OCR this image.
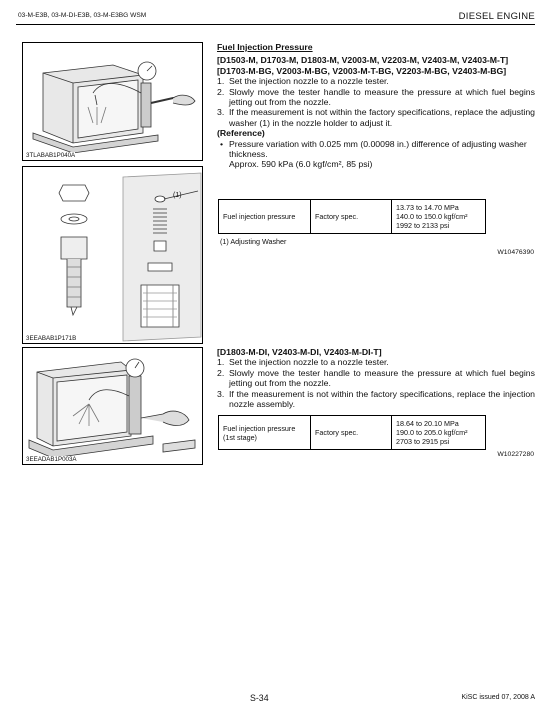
03-M-E3B, 03-M-DI-E3B, 03-M-E3BG WSM	DIESEL ENGINE
3TLABAB1P040A
(1)
3EEABAB1P171B
3EEADAB1P003A
Fuel Injection Pressure
[D1503-M, D1703-M, D1803-M, V2003-M, V2203-M, V2403-M, V2403-M-T]
[D1703-M-BG, V2003-M-BG, V2003-M-T-BG, V2203-M-BG, V2403-M-BG]
1. Set the injection nozzle to a nozzle tester.
2. Slowly move the tester handle to measure the pressure at which fuel begins jetting out from the nozzle.
3. If the measurement is not within the factory specifications, replace the adjusting washer (1) in the nozzle holder to adjust it.
(Reference)
• Pressure variation with 0.025 mm (0.00098 in.) difference of adjusting washer thickness.
Approx. 590 kPa (6.0 kgf/cm², 85 psi)
Fuel injection pressure	Factory spec.	
13.73 to 14.70 MPa
140.0 to 150.0 kgf/cm²
1992 to 2133 psi
(1) Adjusting Washer
W10476390
[D1803-M-DI, V2403-M-DI, V2403-M-DI-T]
1. Set the injection nozzle to a nozzle tester.
2. Slowly move the tester handle to measure the pressure at which fuel begins jetting out from the nozzle.
3. If the measurement is not within the factory specifications, replace the injection nozzle assembly.
Fuel injection pressure (1st stage)	Factory spec.	
18.64 to 20.10 MPa
190.0 to 205.0 kgf/cm²
2703 to 2915 psi
W10227280
S-34	KiSC issued 07, 2008 A
